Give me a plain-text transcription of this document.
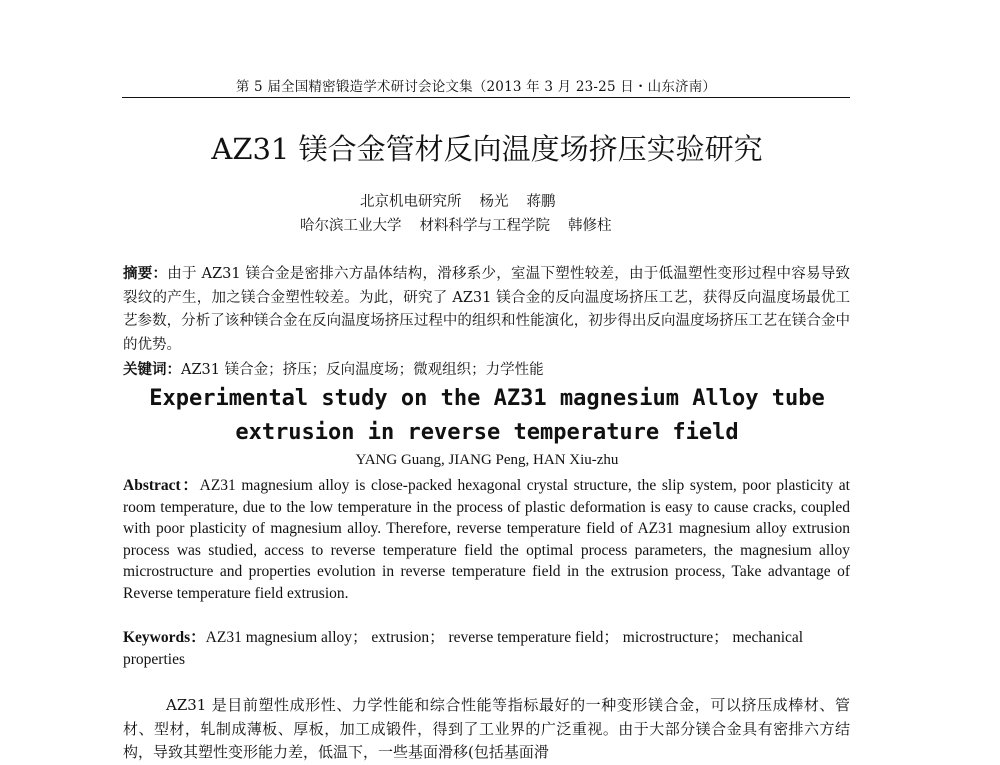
第 5 届全国精密锻造学术研讨会论文集（2013 年 3 月 23-25 日・山东济南）
AZ31 镁合金管材反向温度场挤压实验研究
北京机电研究所 杨光 蒋鹏
哈尔滨工业大学 材料科学与工程学院 韩修柱
摘要：由于 AZ31 镁合金是密排六方晶体结构，滑移系少，室温下塑性较差，由于低温塑性变形过程中容易导致裂纹的产生，加之镁合金塑性较差。为此，研究了 AZ31 镁合金的反向温度场挤压工艺，获得反向温度场最优工艺参数，分析了该种镁合金在反向温度场挤压过程中的组织和性能演化，初步得出反向温度场挤压工艺在镁合金中的优势。
关键词：AZ31 镁合金；挤压；反向温度场；微观组织；力学性能
Experimental study on the AZ31 magnesium Alloy tube
extrusion in reverse temperature field
YANG Guang, JIANG Peng, HAN Xiu-zhu
Abstract：AZ31 magnesium alloy is close-packed hexagonal crystal structure, the slip system, poor plasticity at room temperature, due to the low temperature in the process of plastic deformation is easy to cause cracks, coupled with poor plasticity of magnesium alloy. Therefore, reverse temperature field of AZ31 magnesium alloy extrusion process was studied, access to reverse temperature field the optimal process parameters, the magnesium alloy microstructure and properties evolution in reverse temperature field in the extrusion process, Take advantage of Reverse temperature field extrusion.
Keywords：AZ31 magnesium alloy； extrusion； reverse temperature field； microstructure； mechanical properties
AZ31 是目前塑性成形性、力学性能和综合性能等指标最好的一种变形镁合金，可以挤压成棒材、管材、型材，轧制成薄板、厚板，加工成锻件，得到了工业界的广泛重视。由于大部分镁合金具有密排六方结构，导致其塑性变形能力差，低温下，一些基面滑移(包括基面滑
